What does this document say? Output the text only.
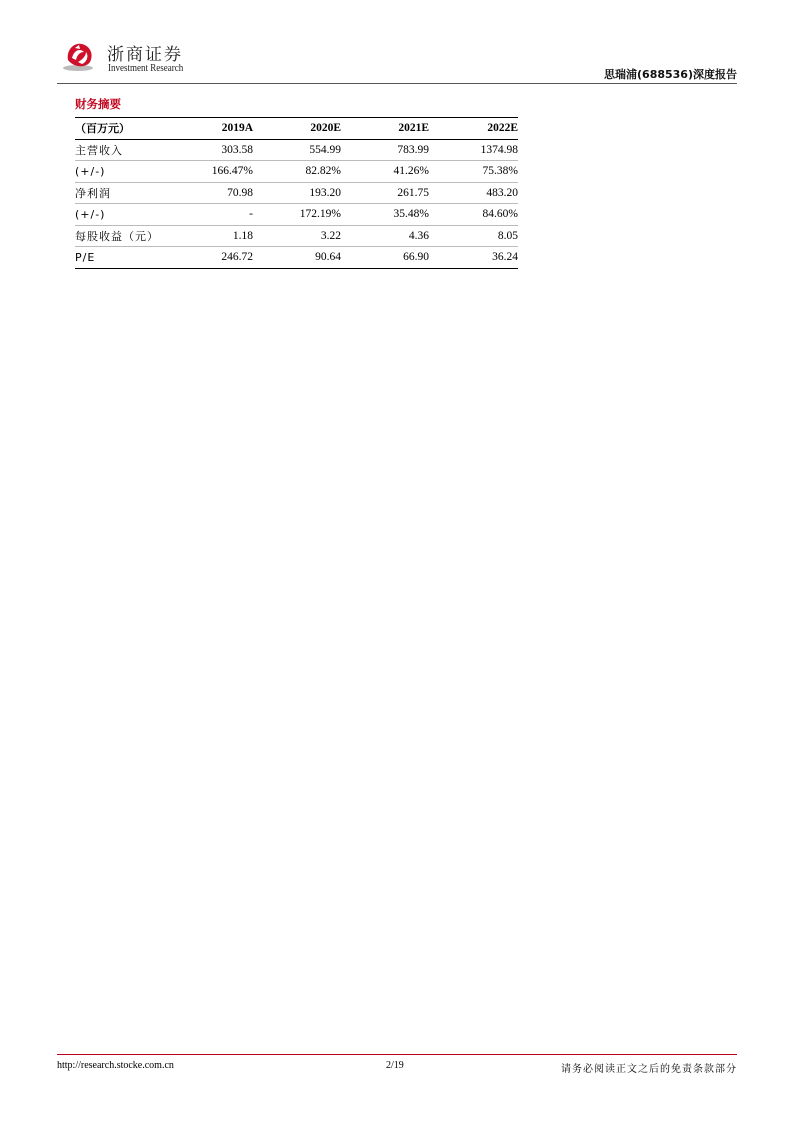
浙商证券
Investment Research
思瑞浦(688536)深度报告
财务摘要
（百万元）	2019A	2020E	2021E	2022E
主营收入	303.58	554.99	783.99	1374.98
(+/-)	166.47%	82.82%	41.26%	75.38%
净利润	70.98	193.20	261.75	483.20
(+/-)	-	172.19%	35.48%	84.60%
每股收益（元）	1.18	3.22	4.36	8.05
P/E	246.72	90.64	66.90	36.24
http://research.stocke.com.cn	2/19	请务必阅读正文之后的免责条款部分
